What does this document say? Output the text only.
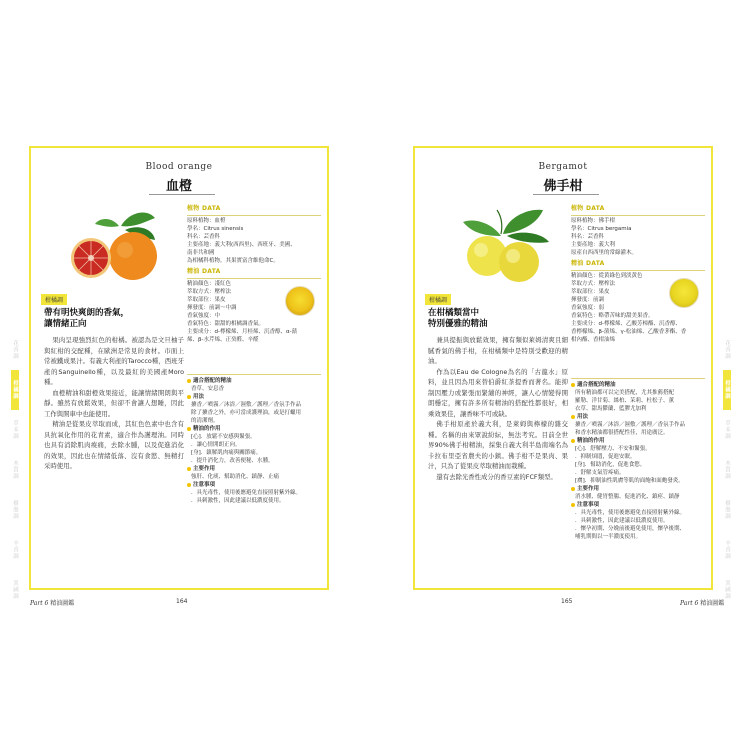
Blood orange
血橙
植物 DATA
原料植物：血橙
學名：Citrus sinensis
科名：芸香科
主要產地：義大利(西西里)、西班牙、美國、
南非共和國
為相橘科植物。其果實富含維他命C。
精油 DATA
精油顏色：淺紅色
萃取方式：壓榨法
萃取部位：果皮
揮發度：前調～中調
香氣強度：中
香氣特色：甜甜的相橘調香氣。
主要成分：d-檸檬烯、月桂烯、沉香醇、α-蒎
烯、β-水芹烯、正癸醛、辛醛
柑橘調
帶有明快爽朗的香氣，
讓情緒正向

果肉呈現強烈紅色的柑橘。被認為是文旦柚子與紅柑的交配種，在歐洲是常見的食材。市面上常被鐵成果汁。有義大利產的Tarocco種，西班牙產的Sanguinello種，以及最紅的美國產Moro種。

血橙精油和甜橙效果接近，能讓情緒開朗與平靜。雖然有放鬆效果，但卻不會讓人想睡，因此工作與開車中也能使用。

精油是從果皮萃取而成，其紅色色素中也含有具抗氧化作用的花青素，適合作為護理油。同時也具有消除肌肉痠痛，去除水腫，以及促進消化的效果，因此也在情緒低落、沒有食慾、無精打采時使用。

適合搭配的精油
香草、安息香
用法
擴香／噴霧／沐浴／濕敷／護理／香氛手作品
除了擴香之外，亦可當成護理油，或是打蠟用
的清潔劑。
精油的作用
[心]．放鬆不安感與緊張。
．讓心情開朗正向。
[身]．鎮解肌肉痛與關節痛。
．提升消化力，改善便秘、水腫。
主要作用
強肝、化痰、幫助消化、鎮靜、止痛
注意事項
．具光毒性，使用後應避免直接照射紫外線。
．具刺激性，因此建議以低濃度使用。
花香調
柑橘調
草本調
木質調
樹脂調
辛香調
異國調
Part 6 精油圖鑑	164
Bergamot
佛手柑
植物 DATA
原料植物：佛手柑
學名：Citrus bergamia
科名：芸香科
主要產地：義大利
原產自西西里的常綠灌木。
精油 DATA
精油顏色：從黃綠色到淡黃色
萃取方式：壓榨法
萃取部位：果皮
揮發度：前調
香氣強度：弱
香氣特色：略帶苦味的甜美果香。
主要成分：d-檸檬烯、乙酸芳樟酯、沉香醇、
香檸檬烯、β-蒎烯、γ-松油烯、乙酸香茅酯、香
柑內酯、香柑油烯
柑橘調
在柑橘類當中
特別優雅的精油

兼具提振與放鬆效果，擁有類似萊姆清爽且細膩香氣的佛手柑，在柑橘類中是特別受歡迎的精油。

作為以Eau de Cologne為名的「古龍水」原料，並且因為用來替伯爵紅茶提香而著名。能抑制因壓力或緊張而緊繃的神經，讓人心情變得開朗穩定，擁有許多所有精油的搭配性都很好，相乘效果佳，讓香味不可或缺。

佛手柑原產於義大利，是萊姆與檸檬的雜交種。名稱的由來眾說紛紜，無法考究。目前全世界90%佛手柑精油，採集自義大利半島南端名為卡拉布里亞省農夫的小鎮。佛手柑不是果肉、果汁，只為了從果皮萃取精油而栽種。

還有去除光香性成分的香豆素的FCF類型。

適合搭配的精油
所有精油都可以完美搭配，尤其推薦搭配
羅勒、洋甘菊、絲柏、茉莉、杜松子、薰
衣草、甜馬鬱蘭、藍膠尤加利
用法
擴香／噴霧／沐浴／濕敷／護理／香氛手作品
和香水精油都很搭配性佳，用途廣泛。
精油的作用
[心]．舒解壓力、不安和緊張。
．抑制煩悶，促進安眠。
[身]．幫助消化，促進食慾。
．舒解支氣管疼痛。
[膚]．抑制油性肌膚等肌的面皰和面皰發炎。
主要作用
消水腫、健胃整腸、促進消化、鎮痙、鎮靜
注意事項
．具光毒性，使用後應避免直接照射紫外線。
．具刺激性，因此建議以低濃度使用。
．懷孕初期、分娩前後避免使用，懷孕後期、
哺乳期間以一半濃度使用。
花香調
柑橘調
草本調
木質調
樹脂調
辛香調
異國調
165	Part 6 精油圖鑑
